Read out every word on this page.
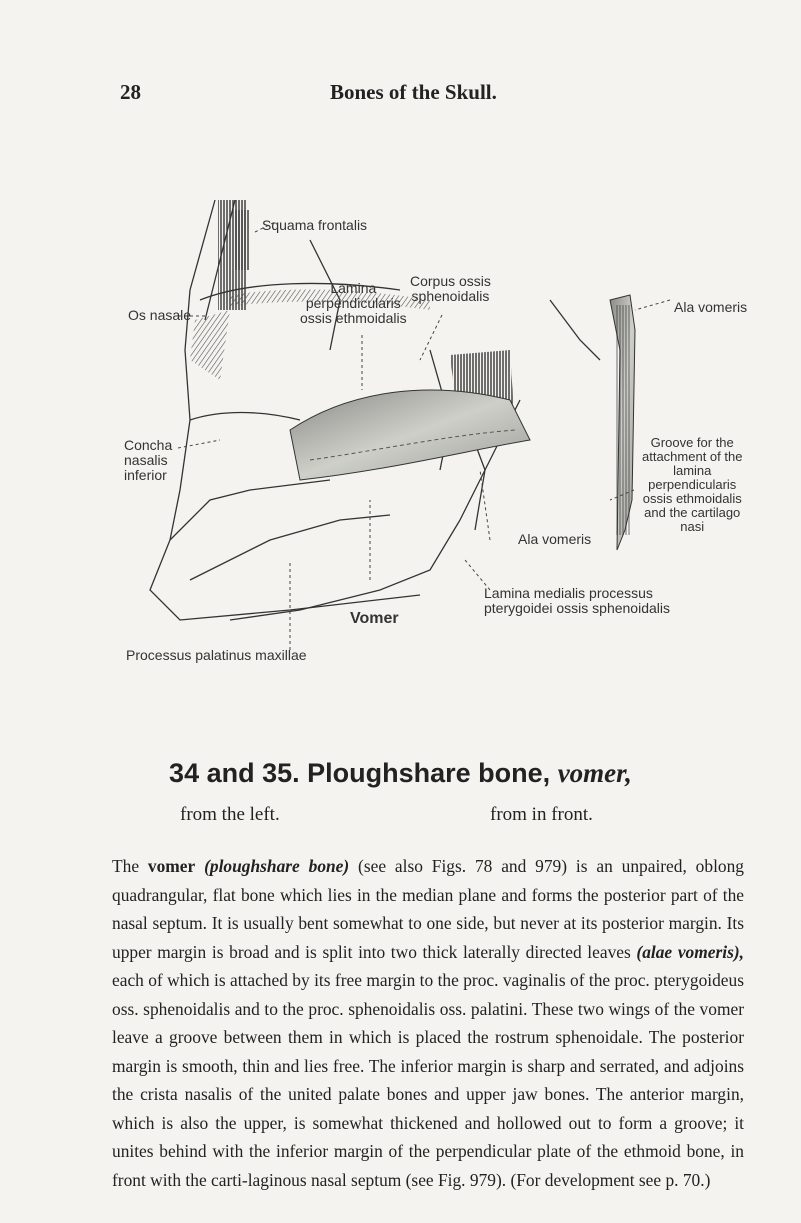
28	Bones of the Skull.
Squama frontalis
Os nasale
Lamina
perpendicularis
ossis ethmoidalis
Corpus ossis
sphenoidalis
Ala vomeris
Concha
nasalis
inferior
Groove for the
attachment of the
lamina
perpendicularis
ossis ethmoidalis
and the cartilago
nasi
Ala vomeris
Lamina medialis processus
pterygoidei ossis sphenoidalis
Vomer
Processus palatinus maxillae
34 and 35. Ploughshare bone, vomer,
from the left.	from in front.
The vomer (ploughshare bone) (see also Figs. 78 and 979) is an unpaired, oblong quadrangular, flat bone which lies in the median plane and forms the posterior part of the nasal septum. It is usually bent somewhat to one side, but never at its posterior margin. Its upper margin is broad and is split into two thick laterally directed leaves (alae vomeris), each of which is attached by its free margin to the proc. vaginalis of the proc. pterygoideus oss. sphenoidalis and to the proc. sphenoidalis oss. palatini. These two wings of the vomer leave a groove between them in which is placed the rostrum sphenoidale. The posterior margin is smooth, thin and lies free. The inferior margin is sharp and serrated, and adjoins the crista nasalis of the united palate bones and upper jaw bones. The anterior margin, which is also the upper, is somewhat thickened and hollowed out to form a groove; it unites behind with the inferior margin of the perpendicular plate of the ethmoid bone, in front with the carti-laginous nasal septum (see Fig. 979). (For development see p. 70.)
